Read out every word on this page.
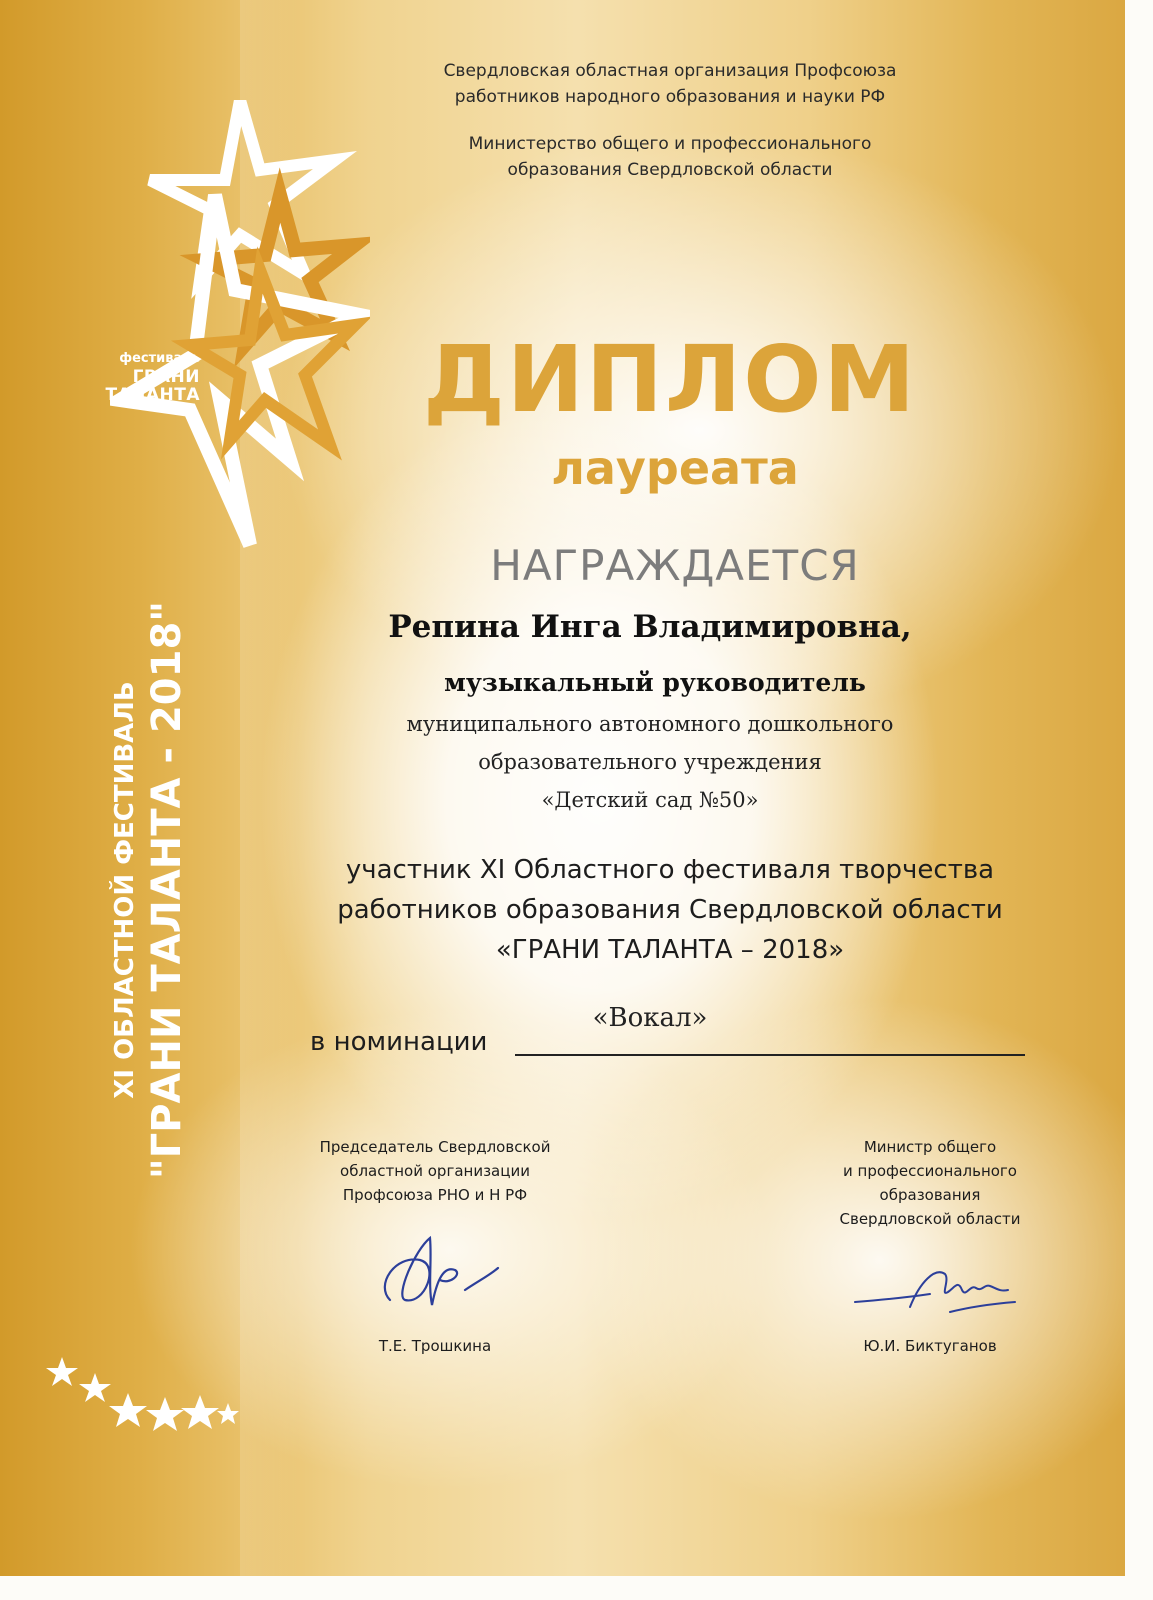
Свердловская областная организация Профсоюза
работников народного образования и науки РФ
Министерство общего и профессионального
образования Свердловской области
фестиваль
ГРАНИ
ТАЛАНТА
XI ОБЛАСТНОЙ ФЕСТИВАЛЬ "ГРАНИ ТАЛАНТА - 2018"
ДИПЛОМ
лауреата
НАГРАЖДАЕТСЯ
Репина Инга Владимировна,
музыкальный руководитель
муниципального автономного дошкольного
образовательного учреждения
«Детский сад №50»
участник XI Областного фестиваля творчества
работников образования Свердловской области
«ГРАНИ ТАЛАНТА – 2018»
в номинации
«Вокал»
Председатель Свердловской
областной организации
Профсоюза РНО и Н РФ
Министр общего
и профессионального
образования
Свердловской области
Т.Е. Трошкина	Ю.И. Биктуганов
